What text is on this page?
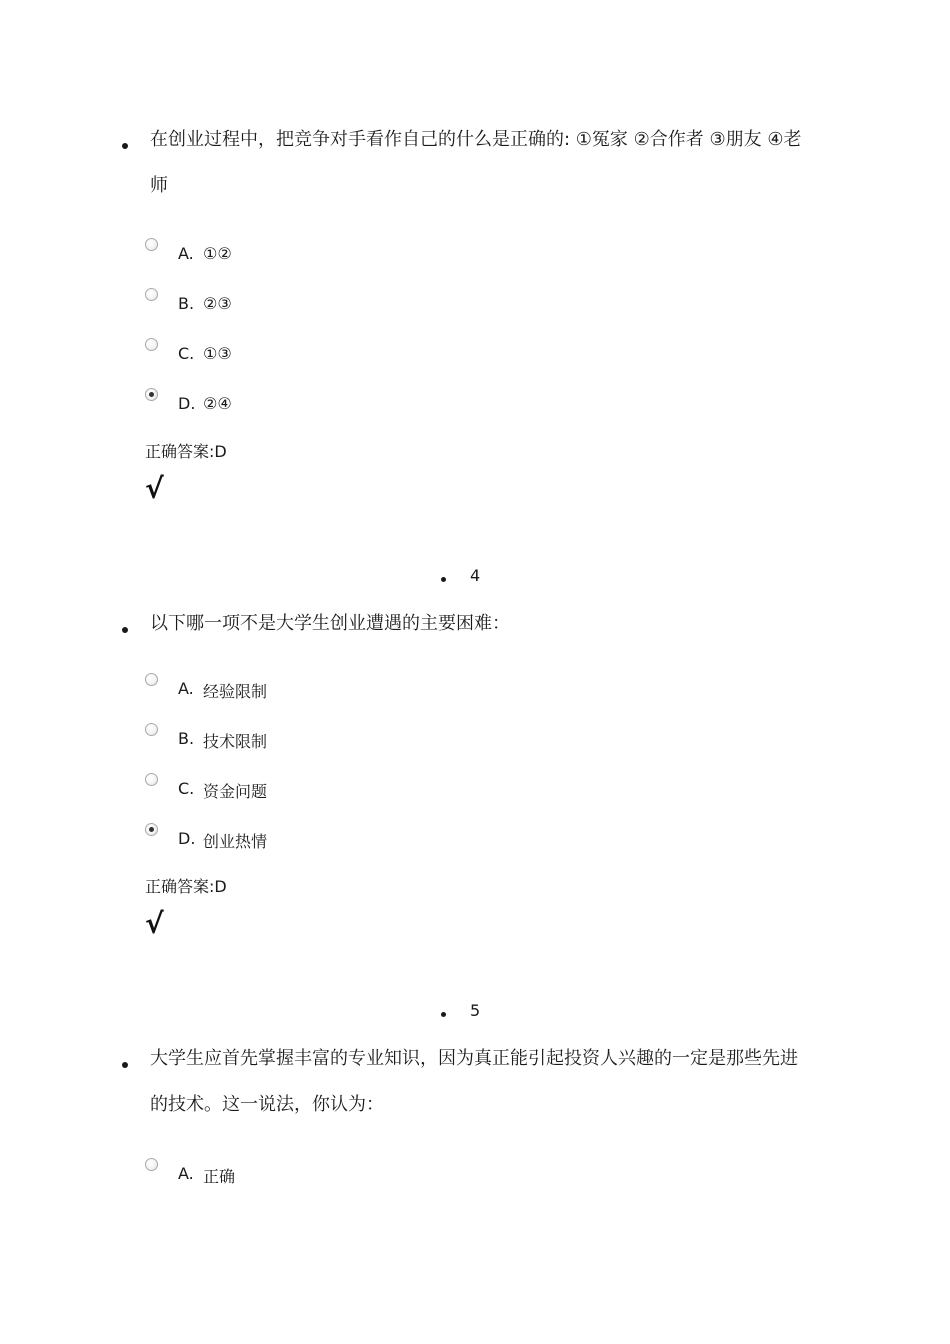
在创业过程中，把竞争对手看作自己的什么是正确的: ①冤家 ②合作者 ③朋友 ④老师
A. ①②
B. ②③
C. ①③
D. ②④
正确答案:D
√
4
以下哪一项不是大学生创业遭遇的主要困难：
A. 经验限制
B. 技术限制
C. 资金问题
D. 创业热情
正确答案:D
√
5
大学生应首先掌握丰富的专业知识，因为真正能引起投资人兴趣的一定是那些先进的技术。这一说法，你认为：
A. 正确
